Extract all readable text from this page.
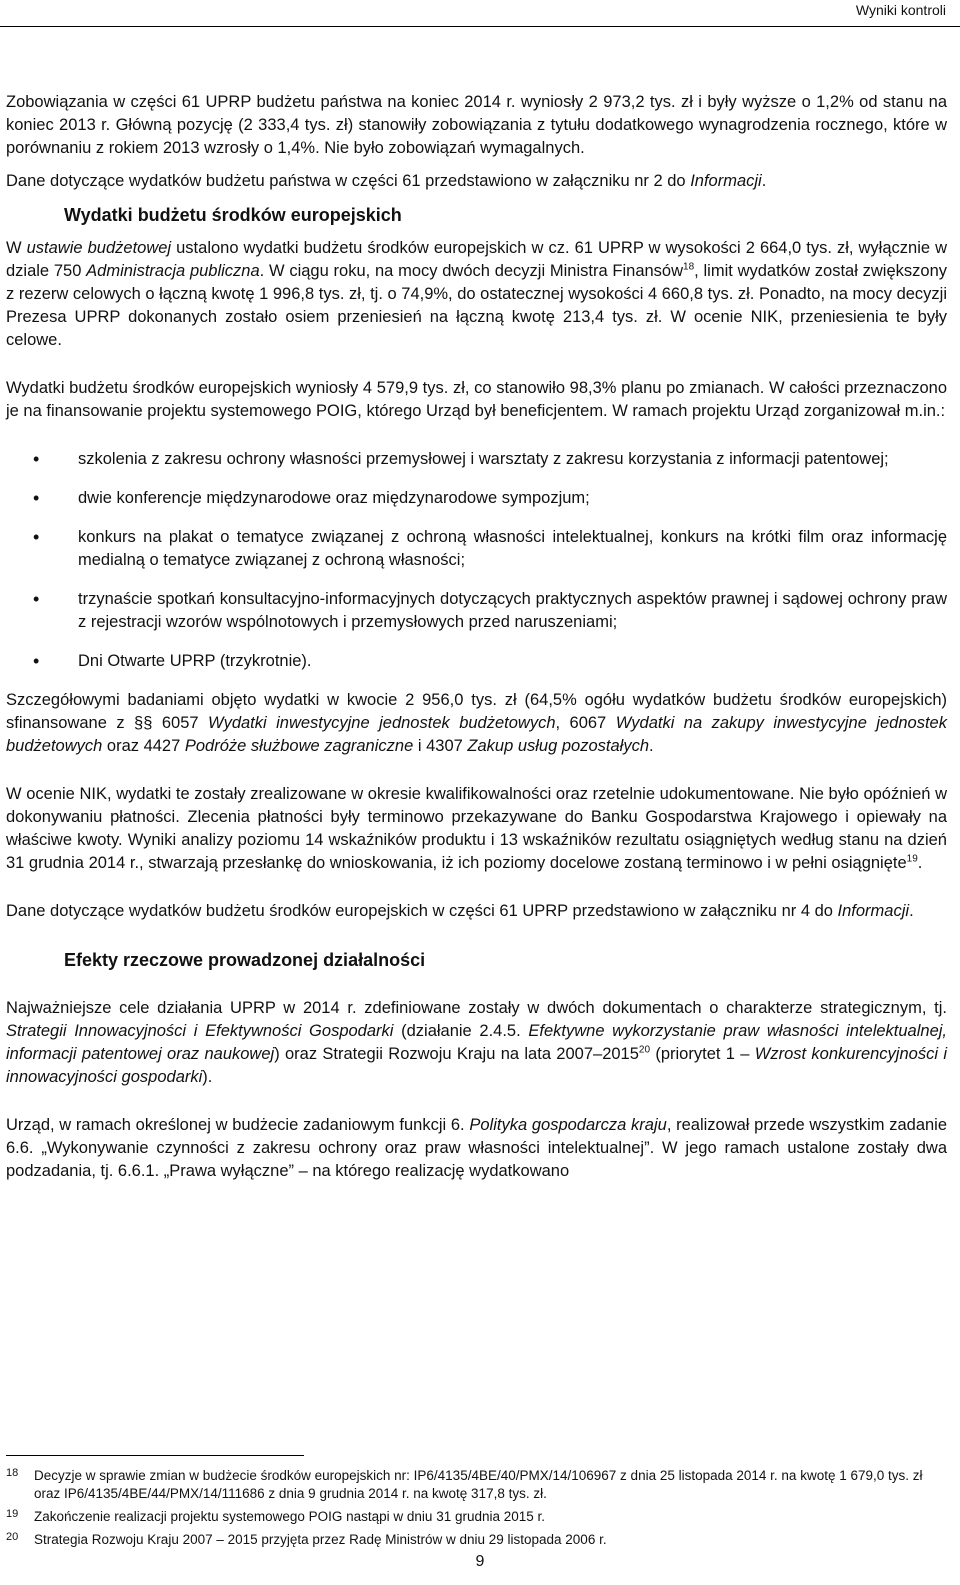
Wyniki kontroli

Zobowiązania w części 61 UPRP budżetu państwa na koniec 2014 r. wyniosły 2 973,2 tys. zł i były wyższe o 1,2% od stanu na koniec 2013 r. Główną pozycję (2 333,4 tys. zł) stanowiły zobowiązania z tytułu dodatkowego wynagrodzenia rocznego, które w porównaniu z rokiem 2013 wzrosły o 1,4%. Nie było zobowiązań wymagalnych.

Dane dotyczące wydatków budżetu państwa w części 61 przedstawiono w załączniku nr 2 do Informacji.

Wydatki budżetu środków europejskich

W ustawie budżetowej ustalono wydatki budżetu środków europejskich w cz. 61 UPRP w wysokości 2 664,0 tys. zł, wyłącznie w dziale 750 Administracja publiczna. W ciągu roku, na mocy dwóch decyzji Ministra Finansów$^{18}$, limit wydatków został zwiększony z rezerw celowych o łączną kwotę 1 996,8 tys. zł, tj. o 74,9%, do ostatecznej wysokości 4 660,8 tys. zł. Ponadto, na mocy decyzji Prezesa UPRP dokonanych zostało osiem przeniesień na łączną kwotę 213,4 tys. zł. W ocenie NIK, przeniesienia te były celowe.

Wydatki budżetu środków europejskich wyniosły 4 579,9 tys. zł, co stanowiło 98,3% planu po zmianach. W całości przeznaczono je na finansowanie projektu systemowego POIG, którego Urząd był beneficjentem. W ramach projektu Urząd zorganizował m.in.:

• szkolenia z zakresu ochrony własności przemysłowej i warsztaty z zakresu korzystania z informacji patentowej;
• dwie konferencje międzynarodowe oraz międzynarodowe sympozjum;
• konkurs na plakat o tematyce związanej z ochroną własności intelektualnej, konkurs na krótki film oraz informację medialną o tematyce związanej z ochroną własności;
• trzynaście spotkań konsultacyjno-informacyjnych dotyczących praktycznych aspektów prawnej i sądowej ochrony praw z rejestracji wzorów wspólnotowych i przemysłowych przed naruszeniami;
• Dni Otwarte UPRP (trzykrotnie).

Szczegółowymi badaniami objęto wydatki w kwocie 2 956,0 tys. zł (64,5% ogółu wydatków budżetu środków europejskich) sfinansowane z §§ 6057 Wydatki inwestycyjne jednostek budżetowych, 6067 Wydatki na zakupy inwestycyjne jednostek budżetowych oraz 4427 Podróże służbowe zagraniczne i 4307 Zakup usług pozostałych.

W ocenie NIK, wydatki te zostały zrealizowane w okresie kwalifikowalności oraz rzetelnie udokumentowane. Nie było opóźnień w dokonywaniu płatności. Zlecenia płatności były terminowo przekazywane do Banku Gospodarstwa Krajowego i opiewały na właściwe kwoty. Wyniki analizy poziomu 14 wskaźników produktu i 13 wskaźników rezultatu osiągniętych według stanu na dzień 31 grudnia 2014 r., stwarzają przesłankę do wnioskowania, iż ich poziomy docelowe zostaną terminowo i w pełni osiągnięte$^{19}$.

Dane dotyczące wydatków budżetu środków europejskich w części 61 UPRP przedstawiono w załączniku nr 4 do Informacji.

Efekty rzeczowe prowadzonej działalności

Najważniejsze cele działania UPRP w 2014 r. zdefiniowane zostały w dwóch dokumentach o charakterze strategicznym, tj. Strategii Innowacyjności i Efektywności Gospodarki (działanie 2.4.5. Efektywne wykorzystanie praw własności intelektualnej, informacji patentowej oraz naukowej) oraz Strategii Rozwoju Kraju na lata 2007–2015$^{20}$ (priorytet 1 – Wzrost konkurencyjności i innowacyjności gospodarki).

Urząd, w ramach określonej w budżecie zadaniowym funkcji 6. Polityka gospodarcza kraju, realizował przede wszystkim zadanie 6.6. „Wykonywanie czynności z zakresu ochrony oraz praw własności intelektualnej”. W jego ramach ustalone zostały dwa podzadania, tj. 6.6.1. „Prawa wyłączne” – na którego realizację wydatkowano

18 Decyzje w sprawie zmian w budżecie środków europejskich nr: IP6/4135/4BE/40/PMX/14/106967 z dnia 25 listopada 2014 r. na kwotę 1 679,0 tys. zł oraz IP6/4135/4BE/44/PMX/14/111686 z dnia 9 grudnia 2014 r. na kwotę 317,8 tys. zł.
19 Zakończenie realizacji projektu systemowego POIG nastąpi w dniu 31 grudnia 2015 r.
20 Strategia Rozwoju Kraju 2007 – 2015 przyjęta przez Radę Ministrów w dniu 29 listopada 2006 r.
9
